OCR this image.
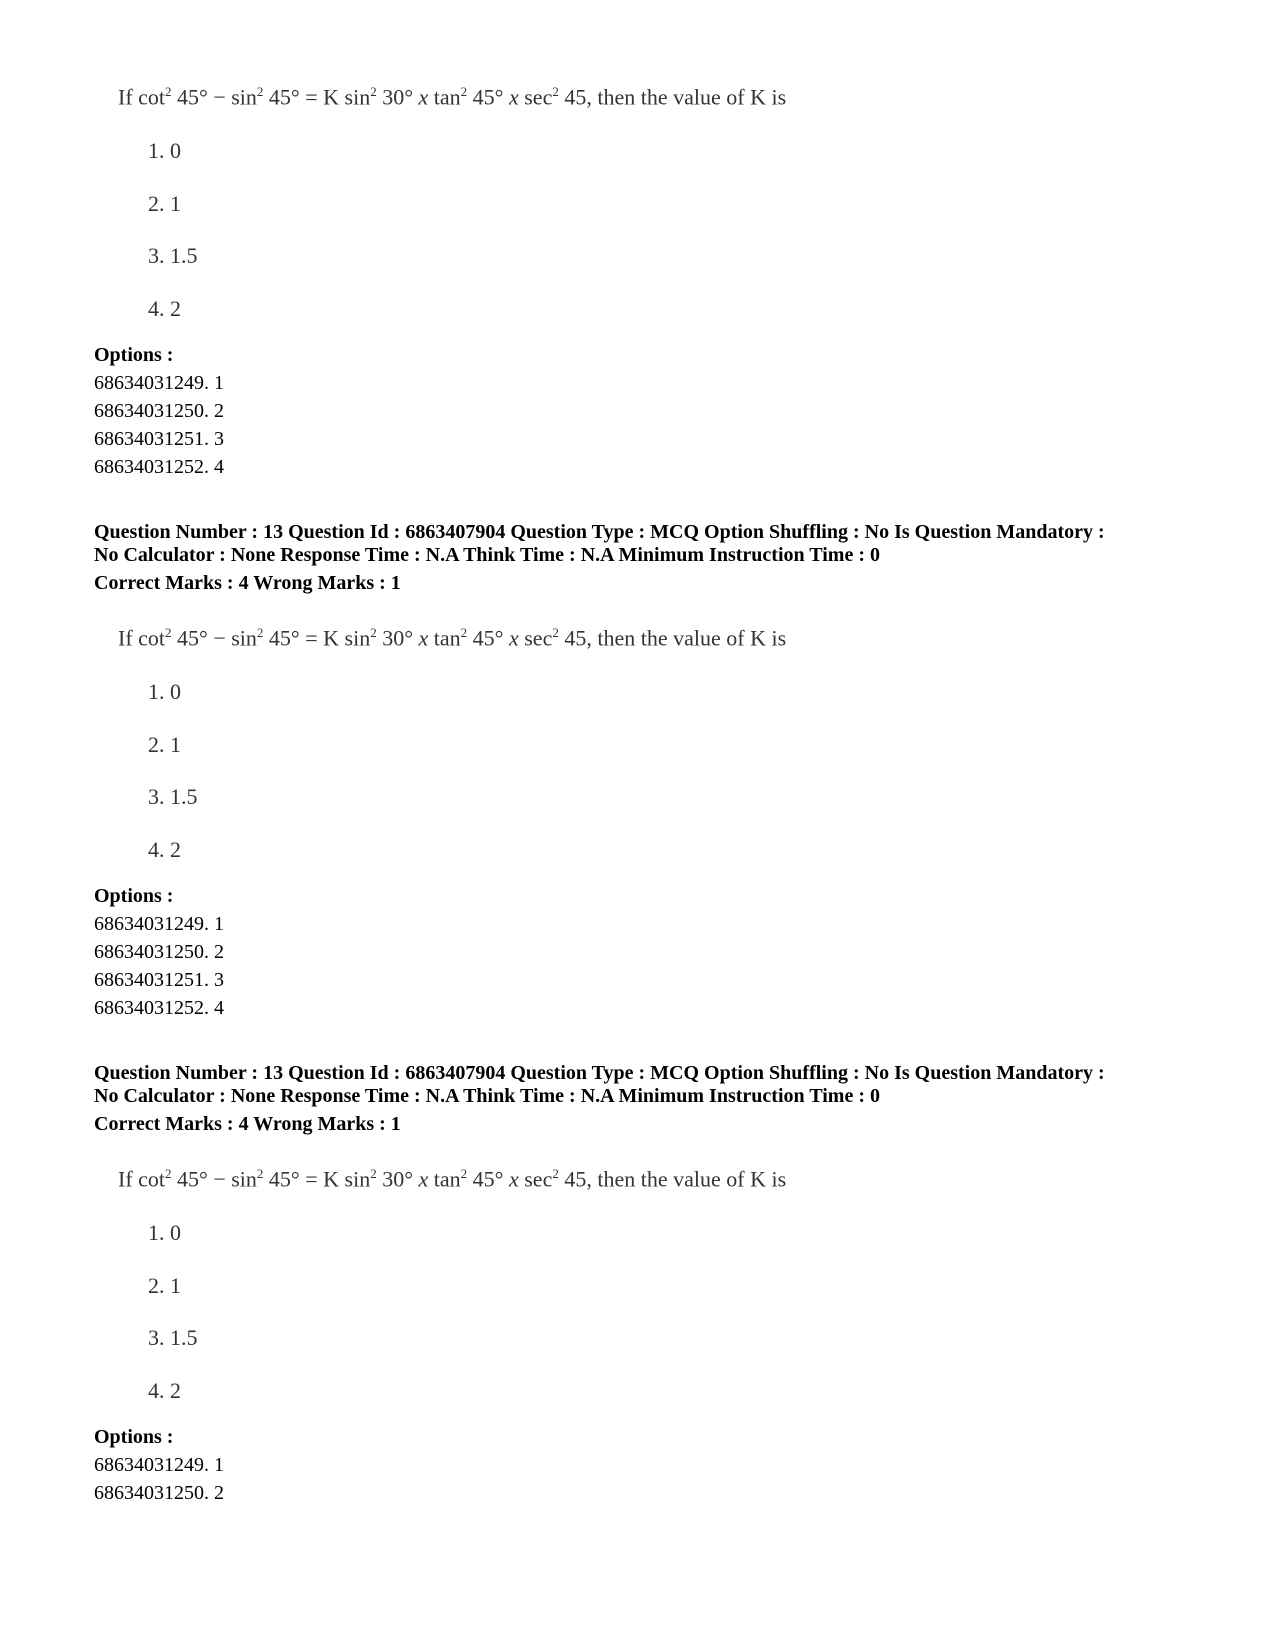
If $\cot^2 45^\circ - \sin^2 45^\circ = K$ $\sin^2 30^\circ$ x $\tan^2 45^\circ$ x $\sec^2 45$, then the value of K is
1. 0
2. 1
3. 1.5
4. 2
Options :
68634031249. 1
68634031250. 2
68634031251. 3
68634031252. 4
Question Number : 13 Question Id : 6863407904 Question Type : MCQ Option Shuffling : No Is Question Mandatory :
No Calculator : None Response Time : N.A Think Time : N.A Minimum Instruction Time : 0
Correct Marks : 4 Wrong Marks : 1
If $\cot^2 45^\circ - \sin^2 45^\circ = K$ $\sin^2 30^\circ$ x $\tan^2 45^\circ$ x $\sec^2 45$, then the value of K is
1. 0
2. 1
3. 1.5
4. 2
Options :
68634031249. 1
68634031250. 2
68634031251. 3
68634031252. 4
Question Number : 13 Question Id : 6863407904 Question Type : MCQ Option Shuffling : No Is Question Mandatory :
No Calculator : None Response Time : N.A Think Time : N.A Minimum Instruction Time : 0
Correct Marks : 4 Wrong Marks : 1
If $\cot^2 45^\circ - \sin^2 45^\circ = K$ $\sin^2 30^\circ$ x $\tan^2 45^\circ$ x $\sec^2 45$, then the value of K is
1. 0
2. 1
3. 1.5
4. 2
Options :
68634031249. 1
68634031250. 2
